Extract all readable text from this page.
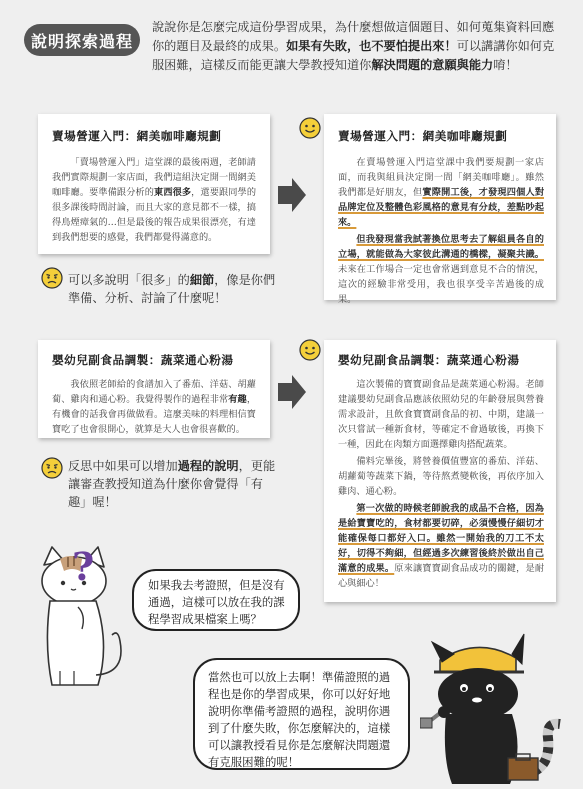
說明探索過程
說說你是怎麼完成這份學習成果，為什麼想做這個題目、如何蒐集資料回應你的題目及最終的成果。如果有失敗，也不要怕提出來！可以講講你如何克服困難，這樣反而能更讓大學教授知道你解決問題的意願與能力唷！
賣場營運入門：網美咖啡廳規劃

「賣場營運入門」這堂課的最後兩週，老師請我們實際規劃一家店面，我們這組決定開一間網美咖啡廳。要準備跟分析的東西很多，還要跟同學的很多課後時間討論，而且大家的意見都不一樣，搞得鳥煙瘴氣的…但是最後的報告成果很漂亮，有達到我們想要的感覺，我們都覺得滿意的。

賣場營運入門：網美咖啡廳規劃

在賣場營運入門這堂課中我們要規劃一家店面，而我與組員決定開一間「網美咖啡廳」。雖然我們都是好朋友，但實際開工後，才發現四個人對品牌定位及整體色彩風格的意見有分歧，差點吵起來。

但我發現當我試著換位思考去了解組員各自的立場，就能做為大家彼此溝通的橋樑，凝聚共識。未來在工作場合一定也會常遇到意見不合的情況，這次的經驗非常受用，我也很享受辛苦過後的成果。

可以多說明「很多」的細節，像是你們準備、分析、討論了什麼呢！
嬰幼兒副食品調製：蔬菜通心粉湯

我依照老師給的食譜加入了番茄、洋菇、胡蘿蔔、雞肉和通心粉。我覺得製作的過程非常有趣，有機會的話我會再做做看。這麼美味的料理相信寶寶吃了也會很開心，就算是大人也會很喜歡的。

嬰幼兒副食品調製：蔬菜通心粉湯

這次製備的寶寶副食品是蔬菜通心粉湯。老師建議嬰幼兒副食品應該依照幼兒的年齡發展與營養需求設計，且飲食寶寶副食品的初、中期，建議一次只嘗試一種新食材，等確定不會過敏後，再換下一種，因此在肉類方面選擇雞肉搭配蔬菜。

備料完畢後，將營養價值豐富的番茄、洋菇、胡蘿蔔等蔬菜下鍋，等待熬煮變軟後，再依序加入雞肉、通心粉。

第一次做的時候老師說我的成品不合格，因為是給寶寶吃的，食材都要切碎，必須慢慢仔細切才能確保每口都好入口。雖然一開始我的刀工不太好，切得不夠細，但經過多次練習後終於做出自己滿意的成果。原來讓寶寶副食品成功的關鍵，是耐心與細心！

反思中如果可以增加過程的說明，更能讓審查教授知道為什麼你會覺得「有趣」喔！
?	如果我去考證照，但是沒有通過，這樣可以放在我的課程學習成果檔案上嗎？
當然也可以放上去啊！準備證照的過程也是你的學習成果，你可以好好地說明你準備考證照的過程，說明你遇到了什麼失敗，你怎麼解決的，這樣可以讓教授看見你是怎麼解決問題還有克服困難的呢！
